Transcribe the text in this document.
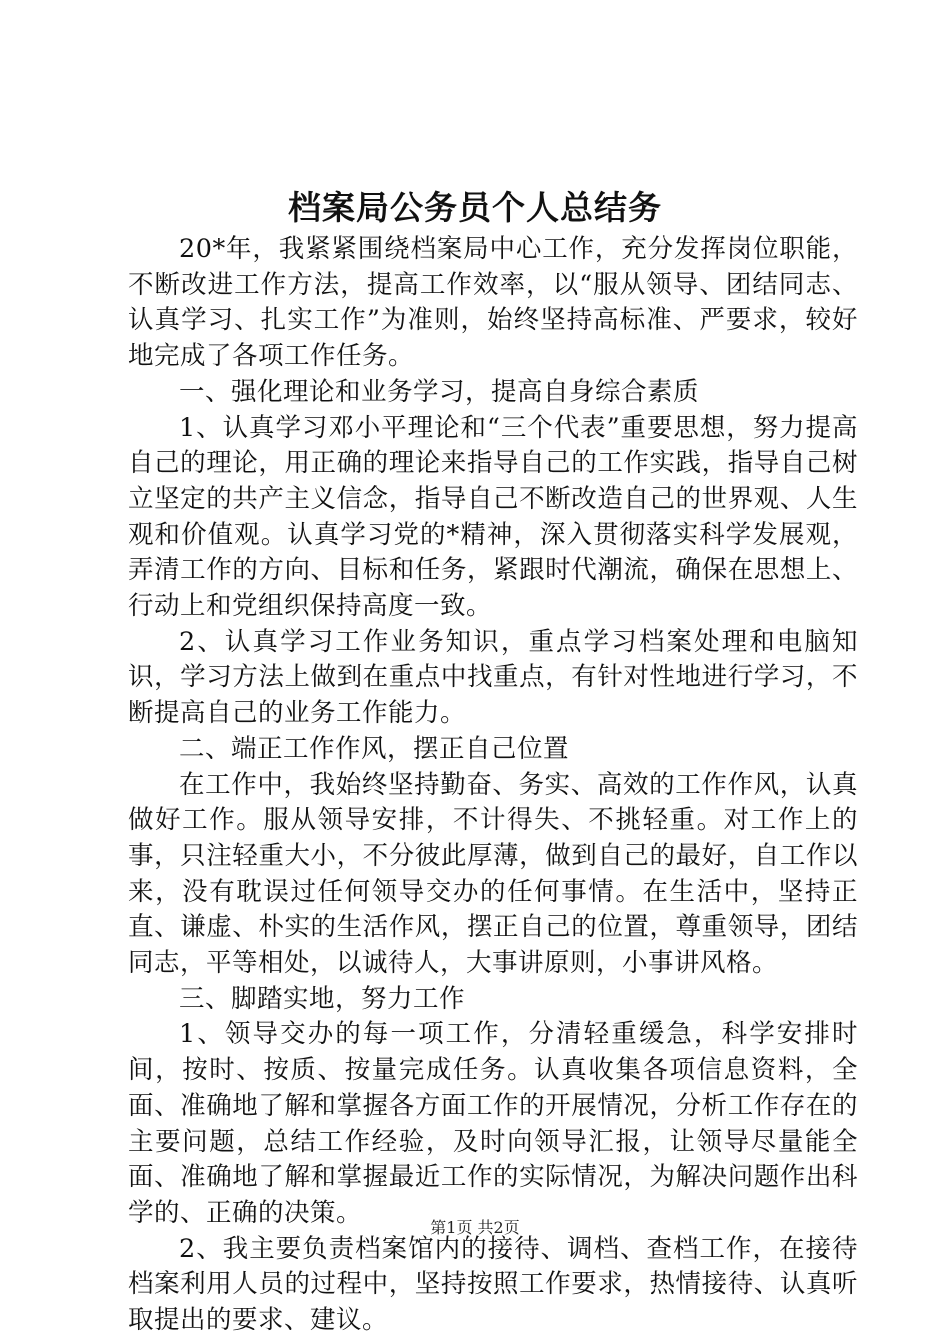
档案局公务员个人总结务

20*年，我紧紧围绕档案局中心工作，充分发挥岗位职能，不断改进工作方法，提高工作效率，以“服从领导、团结同志、认真学习、扎实工作”为准则，始终坚持高标准、严要求，较好地完成了各项工作任务。

一、强化理论和业务学习，提高自身综合素质

1、认真学习邓小平理论和“三个代表”重要思想，努力提高自己的理论，用正确的理论来指导自己的工作实践，指导自己树立坚定的共产主义信念，指导自己不断改造自己的世界观、人生观和价值观。认真学习党的*精神，深入贯彻落实科学发展观，弄清工作的方向、目标和任务，紧跟时代潮流，确保在思想上、行动上和党组织保持高度一致。

2、认真学习工作业务知识，重点学习档案处理和电脑知识，学习方法上做到在重点中找重点，有针对性地进行学习，不断提高自己的业务工作能力。

二、端正工作作风，摆正自己位置

在工作中，我始终坚持勤奋、务实、高效的工作作风，认真做好工作。服从领导安排，不计得失、不挑轻重。对工作上的事，只注轻重大小，不分彼此厚薄，做到自己的最好，自工作以来，没有耽误过任何领导交办的任何事情。在生活中，坚持正直、谦虚、朴实的生活作风，摆正自己的位置，尊重领导，团结同志，平等相处，以诚待人，大事讲原则，小事讲风格。

三、脚踏实地，努力工作

1、领导交办的每一项工作，分清轻重缓急，科学安排时间，按时、按质、按量完成任务。认真收集各项信息资料，全面、准确地了解和掌握各方面工作的开展情况，分析工作存在的主要问题，总结工作经验，及时向领导汇报，让领导尽量能全面、准确地了解和掌握最近工作的实际情况，为解决问题作出科学的、正确的决策。

2、我主要负责档案馆内的接待、调档、查档工作，在接待档案利用人员的过程中，坚持按照工作要求，热情接待、认真听取提出的要求、建议。

第1页 共2页
